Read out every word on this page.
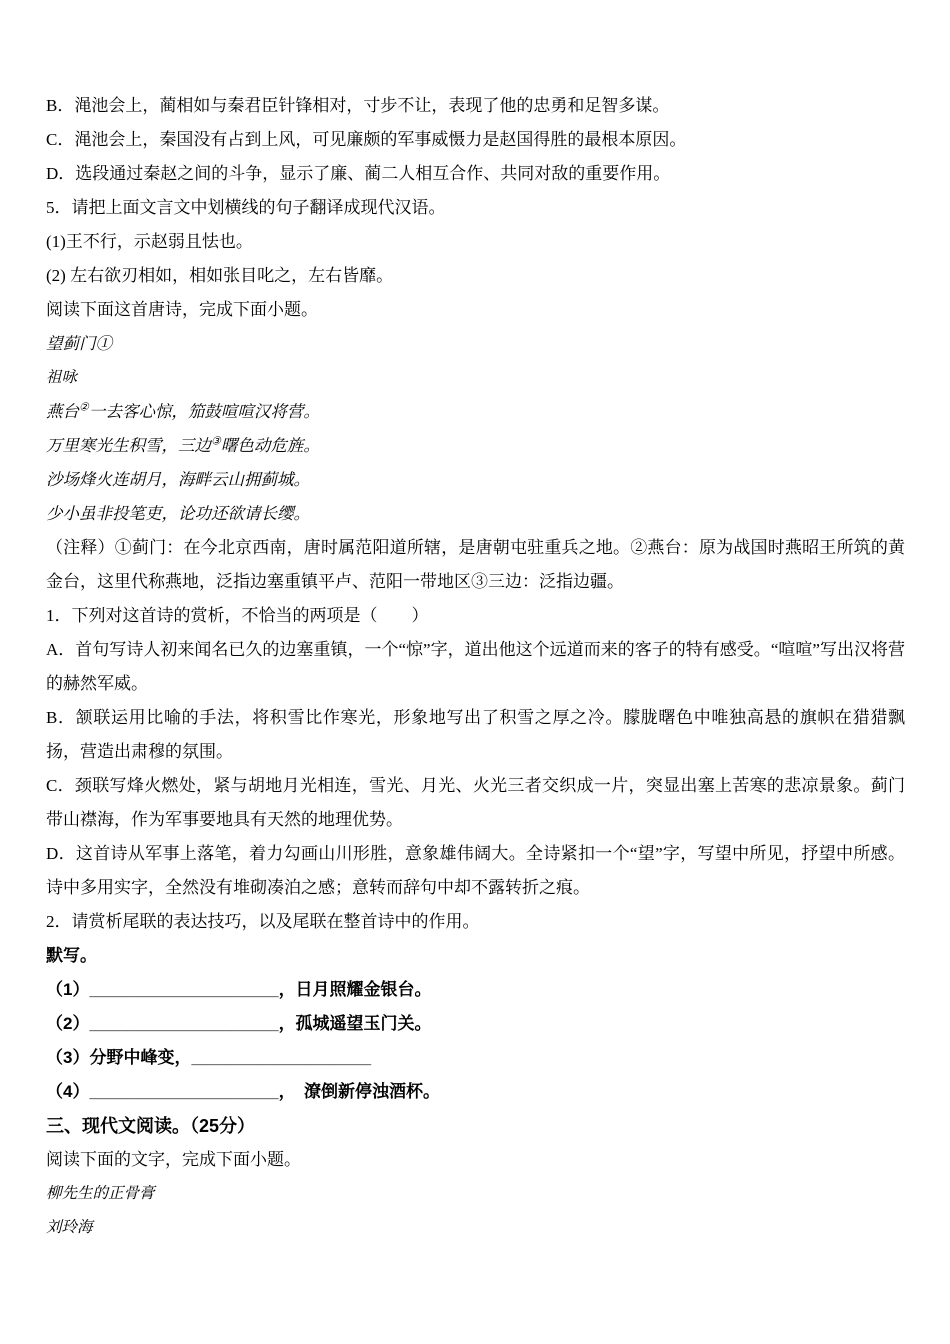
B．渑池会上，蔺相如与秦君臣针锋相对，寸步不让，表现了他的忠勇和足智多谋。

C．渑池会上，秦国没有占到上风，可见廉颇的军事威慑力是赵国得胜的最根本原因。

D．选段通过秦赵之间的斗争，显示了廉、蔺二人相互合作、共同对敌的重要作用。

5．请把上面文言文中划横线的句子翻译成现代汉语。

(1)王不行，示赵弱且怯也。

(2) 左右欲刃相如，相如张目叱之，左右皆靡。

阅读下面这首唐诗，完成下面小题。

望蓟门①

祖咏

燕台②一去客心惊，笳鼓喧喧汉将营。

万里寒光生积雪，三边③曙色动危旌。

沙场烽火连胡月，海畔云山拥蓟城。

少小虽非投笔吏，论功还欲请长缨。

（注释）①蓟门：在今北京西南，唐时属范阳道所辖，是唐朝屯驻重兵之地。②燕台：原为战国时燕昭王所筑的黄金台，这里代称燕地，泛指边塞重镇平卢、范阳一带地区③三边：泛指边疆。

1．下列对这首诗的赏析，不恰当的两项是（　　）

A．首句写诗人初来闻名已久的边塞重镇，一个“惊”字，道出他这个远道而来的客子的特有感受。“喧喧”写出汉将营的赫然军威。

B．颔联运用比喻的手法，将积雪比作寒光，形象地写出了积雪之厚之冷。朦胧曙色中唯独高悬的旗帜在猎猎飘扬，营造出肃穆的氛围。

C．颈联写烽火燃处，紧与胡地月光相连，雪光、月光、火光三者交织成一片，突显出塞上苦寒的悲凉景象。蓟门带山襟海，作为军事要地具有天然的地理优势。

D．这首诗从军事上落笔，着力勾画山川形胜，意象雄伟阔大。全诗紧扣一个“望”字，写望中所见，抒望中所感。诗中多用实字，全然没有堆砌凑泊之感；意转而辞句中却不露转折之痕。

2．请赏析尾联的表达技巧，以及尾联在整首诗中的作用。

默写。

（1）____________________，日月照耀金银台。

（2）____________________，孤城遥望玉门关。

（3）分野中峰变，___________________

（4）____________________，　潦倒新停浊酒杯。

三、现代文阅读。（25分）

阅读下面的文字，完成下面小题。

柳先生的正骨膏

刘玲海
